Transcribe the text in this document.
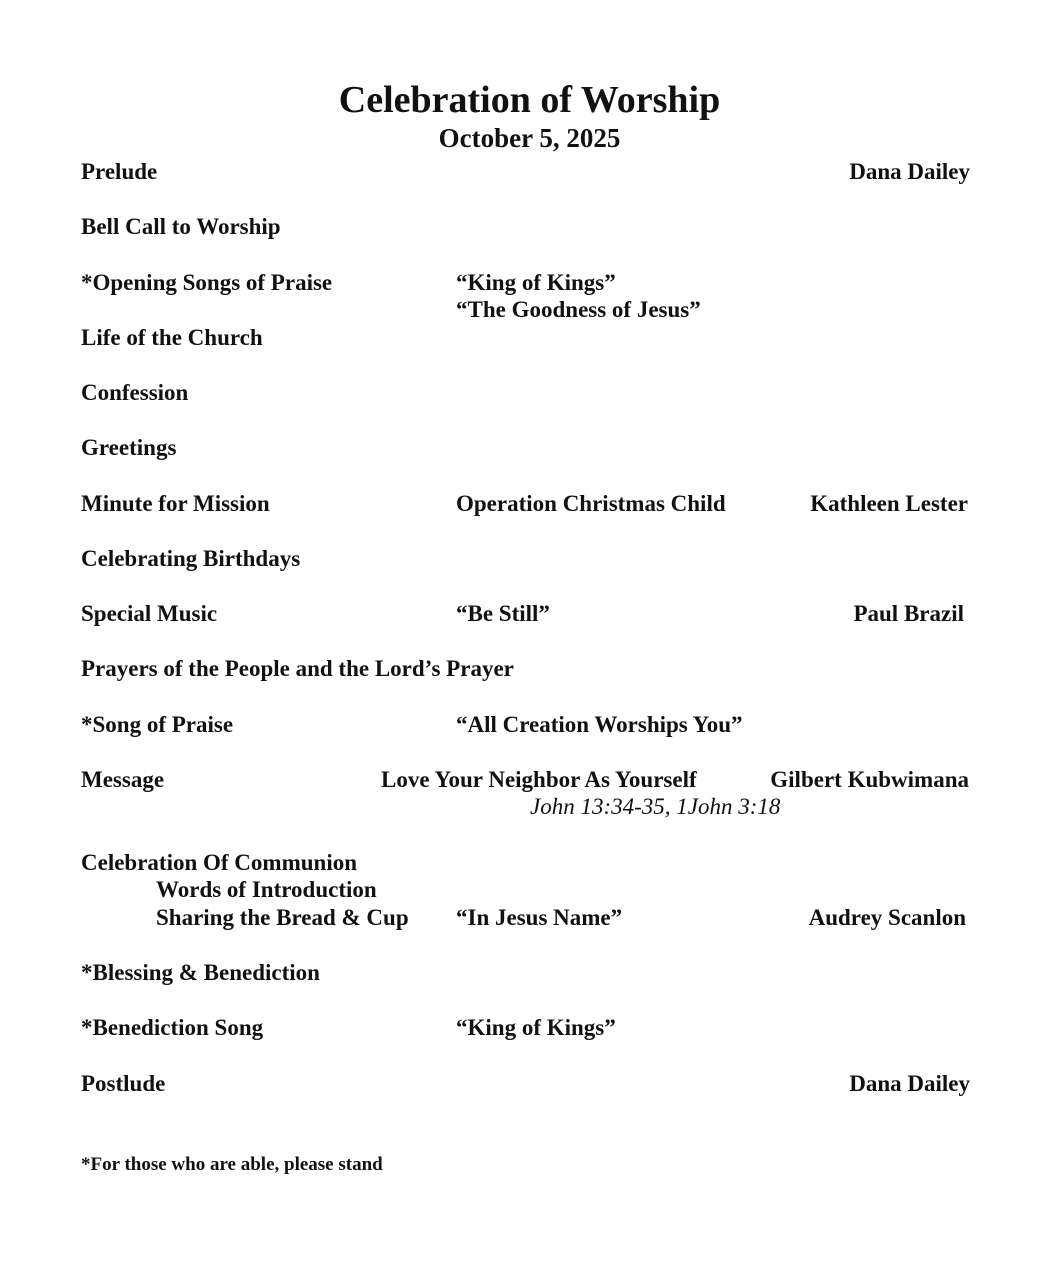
Celebration of Worship
October 5, 2025
Prelude	Dana Dailey
Bell Call to Worship
*Opening Songs of Praise	“King of Kings”
“The Goodness of Jesus”
Life of the Church
Confession
Greetings
Minute for Mission	Operation Christmas Child	Kathleen Lester
Celebrating Birthdays
Special Music	“Be Still”	Paul Brazil
Prayers of the People and the Lord’s Prayer
*Song of Praise	“All Creation Worships You”
Message	Love Your Neighbor As Yourself	Gilbert Kubwimana
John 13:34-35, 1John 3:18
Celebration Of Communion
Words of Introduction
Sharing the Bread & Cup “In Jesus Name”	Audrey Scanlon
*Blessing & Benediction
*Benediction Song	“King of Kings”
Postlude	Dana Dailey
*For those who are able, please stand
